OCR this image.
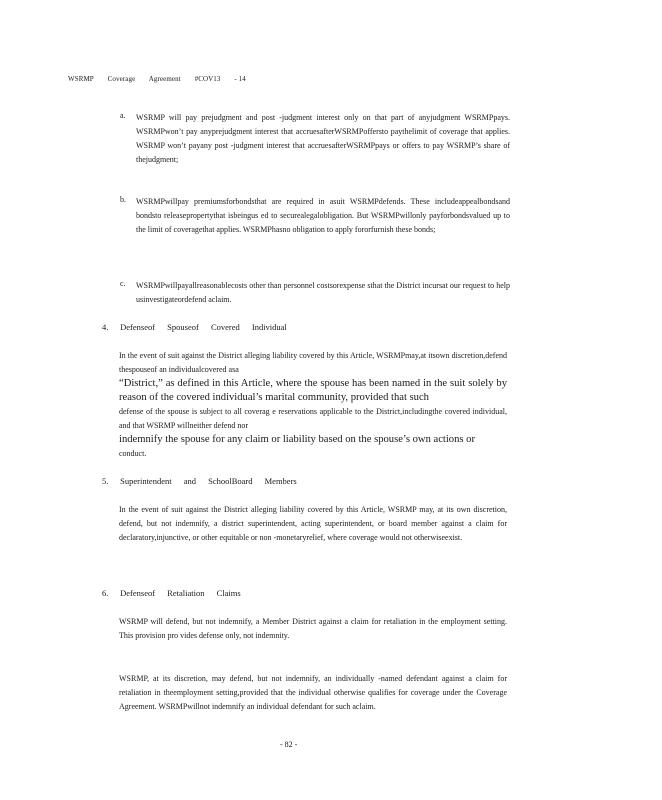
WSRMP Coverage Agreement #COV13 - 14
a. WSRMP will pay prejudgment and post -judgment interest only on that part of anyjudgment WSRMPpays. WSRMPwon’t pay anyprejudgment interest that accruesafterWSRMPoffersto paythelimit of coverage that applies. WSRMP won’t payany post -judgment interest that accruesafterWSRMPpays or offers to pay WSRMP’s share of thejudgment;
b. WSRMPwillpay premiumsforbondsthat are required in asuit WSRMPdefends. These includeappealbondsand bondsto releasepropertythat isbeingus ed to securealegalobligation. But WSRMPwillonly payforbondsvalued up to the limit of coveragethat applies. WSRMPhasno obligation to apply fororfurnish these bonds;
c. WSRMPwillpayallreasonablecosts other than personnel costsorexpense sthat the District incursat our request to help usinvestigateordefend aclaim.
4. Defenseof Spouseof Covered Individual
In the event of suit against the District alleging liability covered by this Article, WSRMPmay,at itsown discretion,defend thespouseof an individualcovered asa
“District,” as defined in this Article, where the spouse has been named in the suit solely by reason of the covered individual’s marital community, provided that such
defense of the spouse is subject to all coverag e reservations applicable to the District,includingthe covered individual, and that WSRMP willneither defend nor
indemnify the spouse for any claim or liability based on the spouse’s own actions or
conduct.
5. Superintendent and SchoolBoard Members
In the event of suit against the District alleging liability covered by this Article, WSRMP may, at its own discretion, defend, but not indemnify, a district superintendent, acting superintendent, or board member against a claim for declaratory,injunctive, or other equitable or non -monetaryrelief, where coverage would not otherwiseexist.
6. Defenseof Retaliation Claims
WSRMP will defend, but not indemnify, a Member District against a claim for retaliation in the employment setting. This provision pro vides defense only, not indemnity.
WSRMP, at its discretion, may defend, but not indemnify, an individually -named defendant against a claim for retaliation in theemployment setting,provided that the individual otherwise qualifies for coverage under the Coverage Agreement. WSRMPwillnot indemnify an individual defendant for such aclaim.
- 82 -
